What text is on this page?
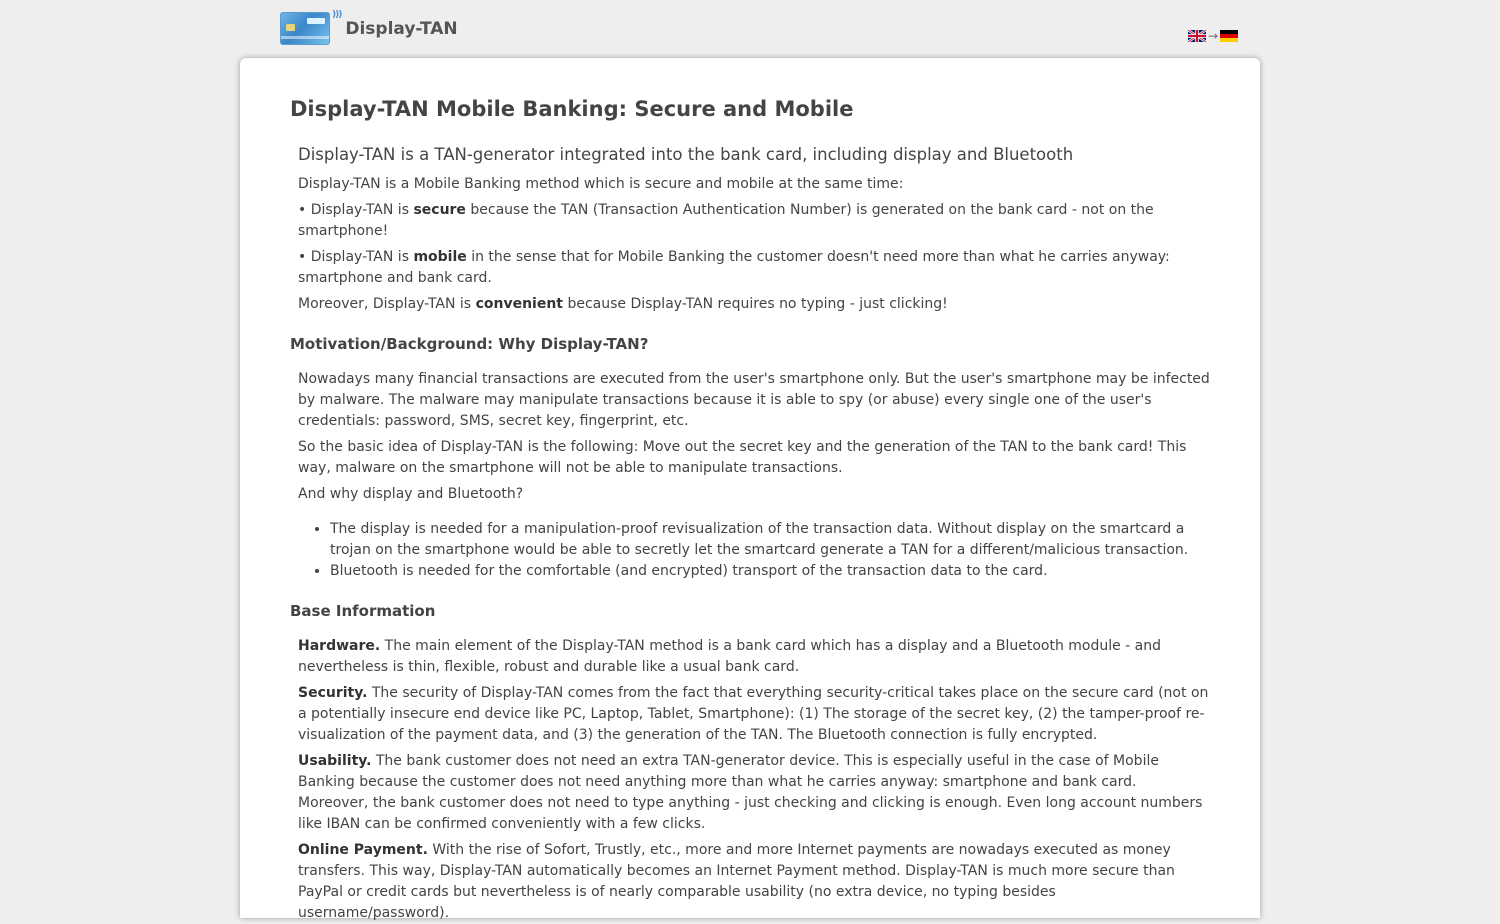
)))
Display-TAN	→
Display-TAN Mobile Banking: Secure and Mobile
Display-TAN is a TAN-generator integrated into the bank card, including display and Bluetooth

Display-TAN is a Mobile Banking method which is secure and mobile at the same time:

• Display-TAN is secure because the TAN (Transaction Authentication Number) is generated on the bank card - not on the smartphone!

• Display-TAN is mobile in the sense that for Mobile Banking the customer doesn't need more than what he carries anyway: smartphone and bank card.

Moreover, Display-TAN is convenient because Display-TAN requires no typing - just clicking!

Motivation/Background: Why Display-TAN?

Nowadays many financial transactions are executed from the user's smartphone only. But the user's smartphone may be infected by malware. The malware may manipulate transactions because it is able to spy (or abuse) every single one of the user's credentials: password, SMS, secret key, fingerprint, etc.

So the basic idea of Display-TAN is the following: Move out the secret key and the generation of the TAN to the bank card! This way, malware on the smartphone will not be able to manipulate transactions.

And why display and Bluetooth?

• The display is needed for a manipulation-proof revisualization of the transaction data. Without display on the smartcard a trojan on the smartphone would be able to secretly let the smartcard generate a TAN for a different/malicious transaction.
• Bluetooth is needed for the comfortable (and encrypted) transport of the transaction data to the card.
Base Information

Hardware. The main element of the Display-TAN method is a bank card which has a display and a Bluetooth module - and nevertheless is thin, flexible, robust and durable like a usual bank card.

Security. The security of Display-TAN comes from the fact that everything security-critical takes place on the secure card (not on a potentially insecure end device like PC, Laptop, Tablet, Smartphone): (1) The storage of the secret key, (2) the tamper-proof re-visualization of the payment data, and (3) the generation of the TAN. The Bluetooth connection is fully encrypted.

Usability. The bank customer does not need an extra TAN-generator device. This is especially useful in the case of Mobile Banking because the customer does not need anything more than what he carries anyway: smartphone and bank card. Moreover, the bank customer does not need to type anything - just checking and clicking is enough. Even long account numbers like IBAN can be confirmed conveniently with a few clicks.

Online Payment. With the rise of Sofort, Trustly, etc., more and more Internet payments are nowadays executed as money transfers. This way, Display-TAN automatically becomes an Internet Payment method. Display-TAN is much more secure than PayPal or credit cards but nevertheless is of nearly comparable usability (no extra device, no typing besides username/password).
